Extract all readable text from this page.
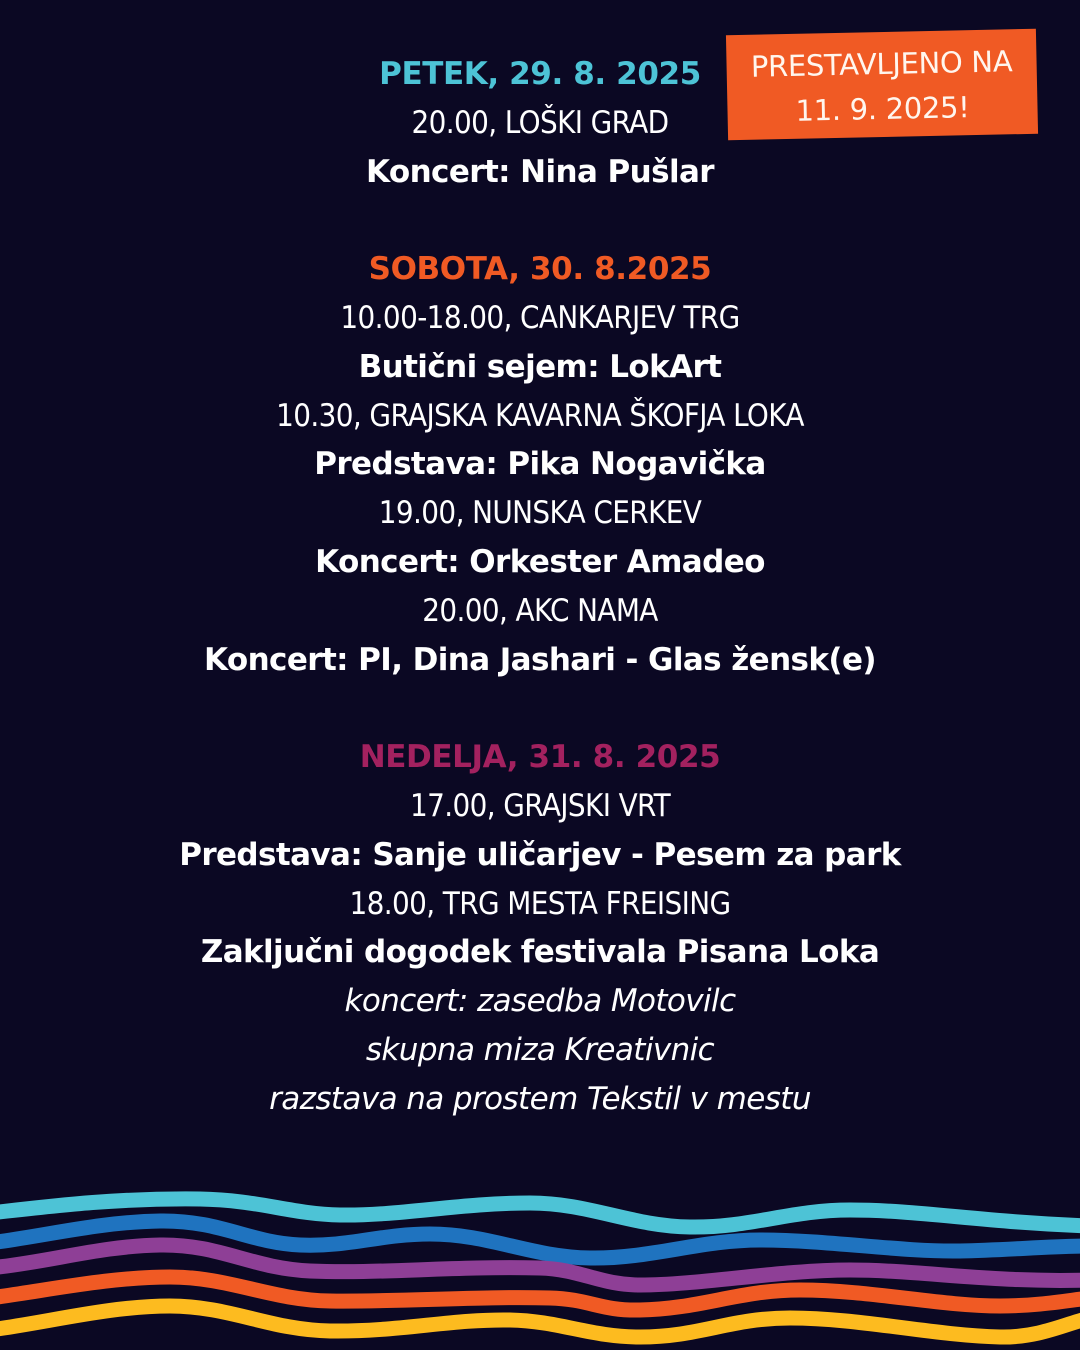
PETEK, 29. 8. 2025
20.00, LOŠKI GRAD
Koncert: Nina Pušlar
SOBOTA, 30. 8.2025
10.00-18.00, CANKARJEV TRG
Butični sejem: LokArt
10.30, GRAJSKA KAVARNA ŠKOFJA LOKA
Predstava: Pika Nogavička
19.00, NUNSKA CERKEV
Koncert: Orkester Amadeo
20.00, AKC NAMA
Koncert: PI, Dina Jashari - Glas žensk(e)
NEDELJA, 31. 8. 2025
17.00, GRAJSKI VRT
Predstava: Sanje uličarjev - Pesem za park
18.00, TRG MESTA FREISING
Zaključni dogodek festivala Pisana Loka
koncert: zasedba Motovilc
skupna miza Kreativnic
razstava na prostem Tekstil v mestu
PRESTAVLJENO NA
11. 9. 2025!
